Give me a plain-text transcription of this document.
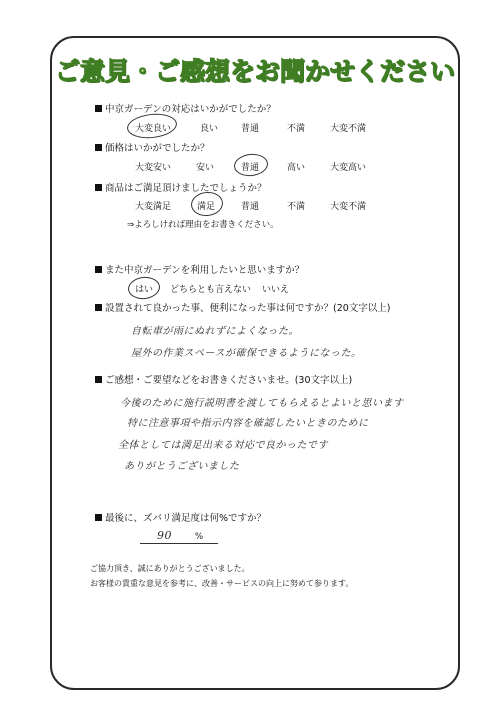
ご意見・ご感想をお聞かせください
中京ガーデンの対応はいかがでしたか？
大変良い	良い	普通	不満	大変不満
価格はいかがでしたか？
大変安い	安い	普通	高い	大変高い
商品はご満足頂けましたでしょうか？
大変満足	満足	普通	不満	大変不満
⇒よろしければ理由をお書きください。
また中京ガーデンを利用したいと思いますか？
はい どちらとも言えない いいえ
設置されて良かった事、便利になった事は何ですか？(20文字以上)
自転車が雨にぬれずによくなった。
屋外の作業スペースが確保できるようになった。
ご感想・ご要望などをお書きくださいませ。(30文字以上)
今後のために施行説明書を渡してもらえるとよいと思います
特に注意事項や指示内容を確認したいときのために
全体としては満足出来る対応で良かったです
ありがとうございました
最後に、ズバリ満足度は何%ですか？
90	%
ご協力頂き、誠にありがとうございました。
お客様の貴重な意見を参考に、改善・サービスの向上に努めて参ります。
